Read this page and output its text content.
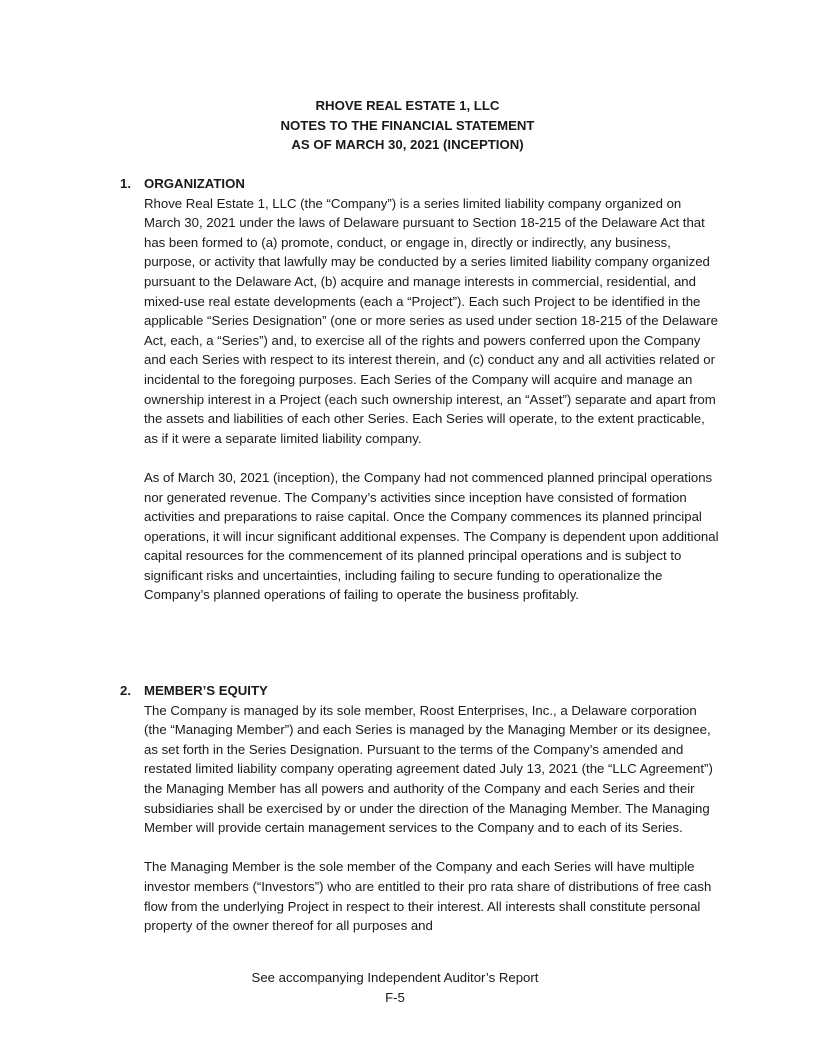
RHOVE REAL ESTATE 1, LLC
NOTES TO THE FINANCIAL STATEMENT
AS OF MARCH 30, 2021 (INCEPTION)
1. ORGANIZATION

Rhove Real Estate 1, LLC (the “Company”) is a series limited liability company organized on March 30, 2021 under the laws of Delaware pursuant to Section 18-215 of the Delaware Act that has been formed to (a) promote, conduct, or engage in, directly or indirectly, any business, purpose, or activity that lawfully may be conducted by a series limited liability company organized pursuant to the Delaware Act, (b) acquire and manage interests in commercial, residential, and mixed-use real estate developments (each a “Project”). Each such Project to be identified in the applicable “Series Designation” (one or more series as used under section 18-215 of the Delaware Act, each, a “Series”) and, to exercise all of the rights and powers conferred upon the Company and each Series with respect to its interest therein, and (c) conduct any and all activities related or incidental to the foregoing purposes. Each Series of the Company will acquire and manage an ownership interest in a Project (each such ownership interest, an “Asset”) separate and apart from the assets and liabilities of each other Series. Each Series will operate, to the extent practicable, as if it were a separate limited liability company.

As of March 30, 2021 (inception), the Company had not commenced planned principal operations nor generated revenue. The Company’s activities since inception have consisted of formation activities and preparations to raise capital. Once the Company commences its planned principal operations, it will incur significant additional expenses. The Company is dependent upon additional capital resources for the commencement of its planned principal operations and is subject to significant risks and uncertainties, including failing to secure funding to operationalize the Company’s planned operations of failing to operate the business profitably.

2. MEMBER’S EQUITY

The Company is managed by its sole member, Roost Enterprises, Inc., a Delaware corporation (the “Managing Member”) and each Series is managed by the Managing Member or its designee, as set forth in the Series Designation. Pursuant to the terms of the Company’s amended and restated limited liability company operating agreement dated July 13, 2021 (the “LLC Agreement”) the Managing Member has all powers and authority of the Company and each Series and their subsidiaries shall be exercised by or under the direction of the Managing Member. The Managing Member will provide certain management services to the Company and to each of its Series.

The Managing Member is the sole member of the Company and each Series will have multiple investor members (“Investors”) who are entitled to their pro rata share of distributions of free cash flow from the underlying Project in respect to their interest. All interests shall constitute personal property of the owner thereof for all purposes and

See accompanying Independent Auditor’s Report
F-5
